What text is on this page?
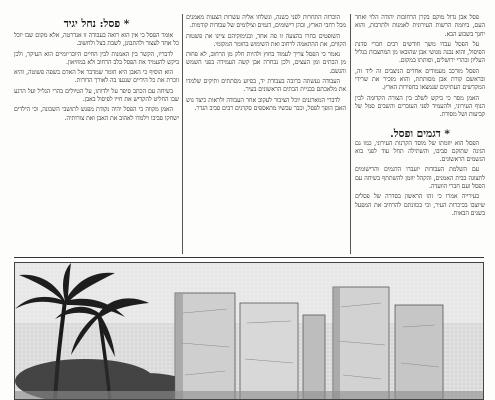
פסל אבן גדול מוקם בקרן הרחובות יהודה הלוי ואחד העם, ביוזמת הרשות העירונית לאמנות ולתרבות, והוא יחנך בשבוע הבא.

על הפסל עבדו משך חודשים רבים חברי סדנת הפיסול, והוא נבנה מגושי אבן שהובאו מן המחצבות בגליל העליון ובהרי ירושלים, וסותתו במקום.

הפסל מורכב מעמודים אחדים הניצבים זה ליד זה, ובראשם קורת אבן מסותתת, והוא מזכיר את שרידי המקדשים העתיקים שנמצאו בחפירות הארץ.

האמן מסר כי ביקש לשלב בין הצורה הקדומה לבין הנוף העירוני, ולהעמיד לפני העוברים והשבים סמל של קביעות ושל מסורת.

הפסל הוא יוזמתו של מוסד הקרנות העירוני, כמו גם הגינה שתוקם סביבו, והשתילה תחל עוד לפני בוא הגשמים הראשונים.

עם השלמת העבודות יועברו הדגמים והרישומים לתצוגה בבית האמנים, והקהל יוזמן להשתתף בשיחה עם הפסל ועם חברי הוועדה.

בעירייה אמרו כי זהו הראשון בסדרה של פסלים שיוצבו בכיכרות העיר, וכי בכוונתם להרחיב את המפעל בשנים הבאות.

* דגמים ופסל.

הוכרזה התחרות לפני כשנה, ונשלחו אליה עשרות הצעות מאמנים מכל רחבי הארץ, ובהן רישומים, דגמים וצילומים של עבודות קודמות.

השופטים בחרו בהצעה זו פה אחד, ובנימוקיהם ציינו את פשטות הקווים, את ההתאמה לרחוב ואת השימוש בחומר המקומי.

נאמר כי הפסל צריך לעמוד בחוץ ולהיות חלק מן הרחוב, לא פחות מן הבתים ומן העצים, ולכן נבחרה אבן קשה העמידה בפני השמש והגשם.

העבודה נעשתה ברובה בעבודת יד, בסיוע מסתתים ותיקים שלמדו את מלאכתם בבניית הבתים הראשונים בעיר.

לדברי המארגנים יוכל הציבור לעקוב אחר העבודה ולראות כיצד גוש האבן הופך לפסל, וכבר עכשיו מתאספים סקרנים רבים סביב הגדר.

* פסל: נחל יגיד

אומר הפסל כי אין הוא רואה בעבודה זו אנדרטה, אלא מקום שבו יוכל כל אחד לעצור ולהתבונן, לשבת בצל ולחשוב.

לדבריו, הקשר בין האמנות לבין החיים היום־יומיים הוא העיקר, ולכן ביקש להעמיד את הפסל בלב הרחוב ולא במוזיאון.

הוא הוסיף כי האבן היא חומר שמדבר אל האדם בשפה פשוטה, והיא זוכרת את כל הידיים שנגעו בה לאורך הדורות.

בשיחה עם הכתב סיפר על ילדותו, על הטיולים בהרי הגליל ועל הרגע שבו החליט להקדיש את חייו לפיסול באבן.

האמן מקווה כי הפסל יהיה נקודת מפגש לתושבי השכונה, וכי הילדים ישחקו סביבו וילמדו לאהוב את האבן ואת צורותיה.
